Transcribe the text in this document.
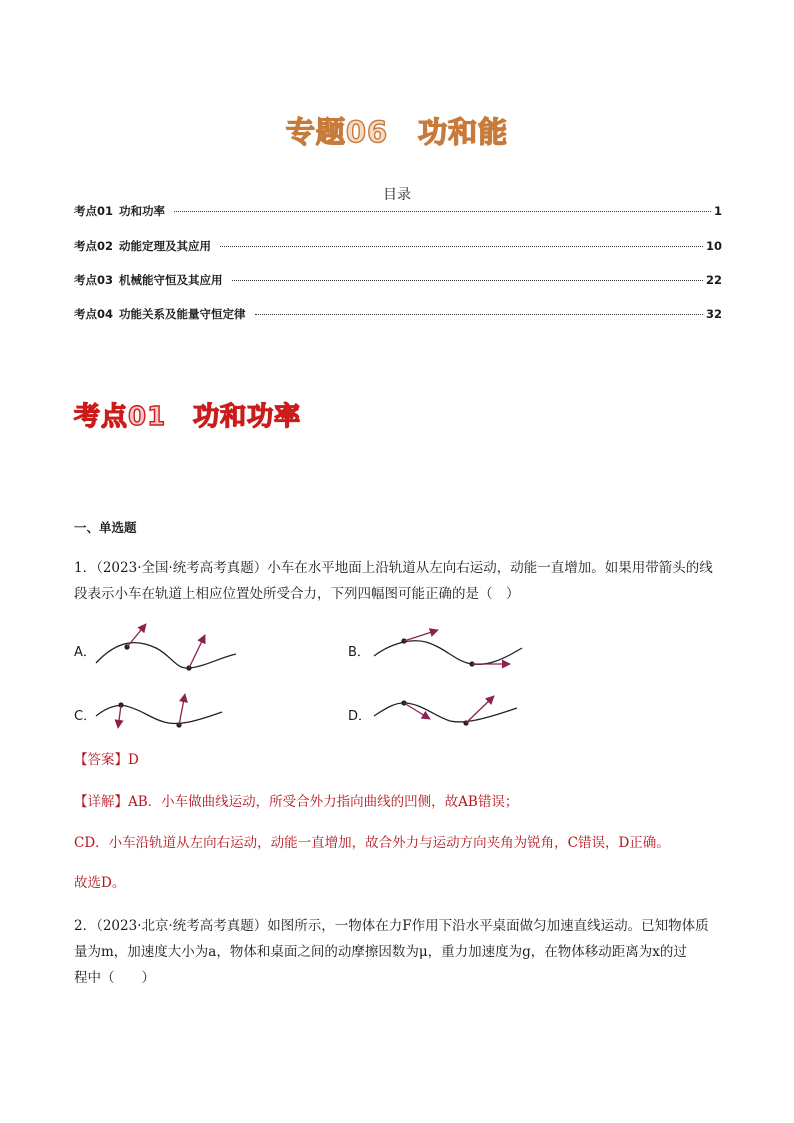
专题06　功和能
目录
考点01 功和功率	1
考点02 动能定理及其应用	10
考点03 机械能守恒及其应用	22
考点04 功能关系及能量守恒定律	32
考点01　功和功率
一、单选题
1．（2023·全国·统考高考真题）小车在水平地面上沿轨道从左向右运动，动能一直增加。如果用带箭头的线
段表示小车在轨道上相应位置处所受合力，下列四幅图可能正确的是（　）
A．	B．
C．	D．
【答案】D
【详解】AB．小车做曲线运动，所受合外力指向曲线的凹侧，故AB错误；
CD．小车沿轨道从左向右运动，动能一直增加，故合外力与运动方向夹角为锐角，C错误，D正确。
故选D。
2．（2023·北京·统考高考真题）如图所示，一物体在力F作用下沿水平桌面做匀加速直线运动。已知物体质
量为m，加速度大小为a，物体和桌面之间的动摩擦因数为μ，重力加速度为g，在物体移动距离为x的过
程中（　　）
